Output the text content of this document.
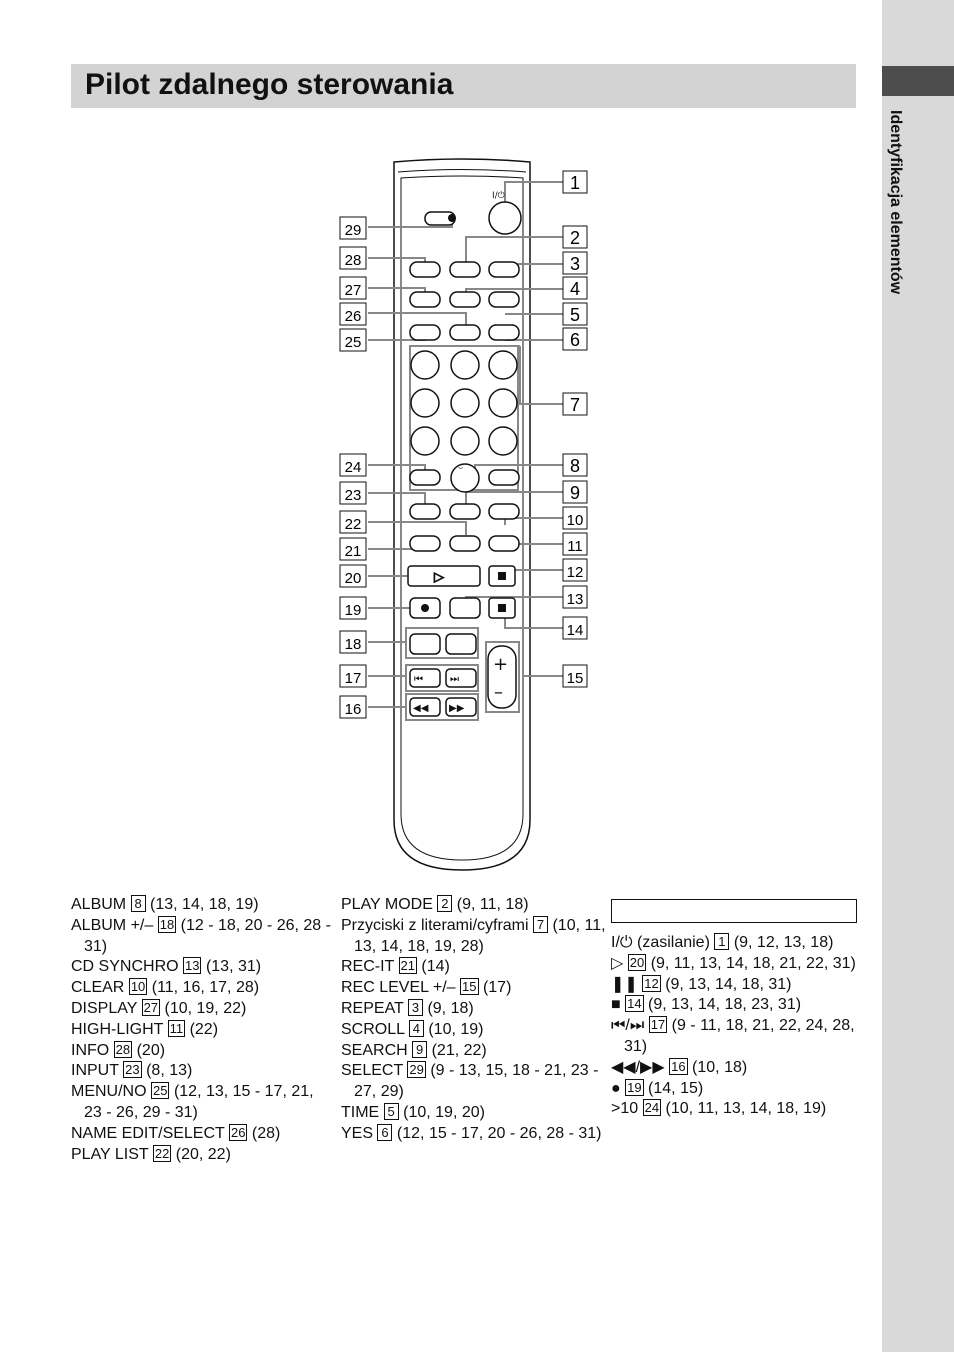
Identyfikacja elementów
Pilot zdalnego sterowania
I/⏻
⌣
▷
⏮	⏭
◀◀ ▶▶
+
–
1
2
3
4
5
6
7
8
9
10
11
12
13
14
15
29
28
27
26
25
24
23
22
21
20
19
18
17
16
ALBUM 8 (13, 14, 18, 19)
ALBUM +/– 18 (12 - 18, 20 - 26, 28 - 31)
CD SYNCHRO 13 (13, 31)
CLEAR 10 (11, 16, 17, 28)
DISPLAY 27 (10, 19, 22)
HIGH-LIGHT 11 (22)
INFO 28 (20)
INPUT 23 (8, 13)
MENU/NO 25 (12, 13, 15 - 17, 21, 23 - 26, 29 - 31)
NAME EDIT/SELECT 26 (28)
PLAY LIST 22 (20, 22)
PLAY MODE 2 (9, 11, 18)
Przyciski z literami/cyframi 7 (10, 11, 13, 14, 18, 19, 28)
REC-IT 21 (14)
REC LEVEL +/– 15 (17)
REPEAT 3 (9, 18)
SCROLL 4 (10, 19)
SEARCH 9 (21, 22)
SELECT 29 (9 - 13, 15, 18 - 21, 23 - 27, 29)
TIME 5 (10, 19, 20)
YES 6 (12, 15 - 17, 20 - 26, 28 - 31)
I/⏻ (zasilanie) 1 (9, 12, 13, 18)
▷ 20 (9, 11, 13, 14, 18, 21, 22, 31)
❚❚ 12 (9, 13, 14, 18, 31)
■ 14 (9, 13, 14, 18, 23, 31)
⏮/⏭ 17 (9 - 11, 18, 21, 22, 24, 28, 31)
◀◀/▶▶ 16 (10, 18)
● 19 (14, 15)
>10 24 (10, 11, 13, 14, 18, 19)
